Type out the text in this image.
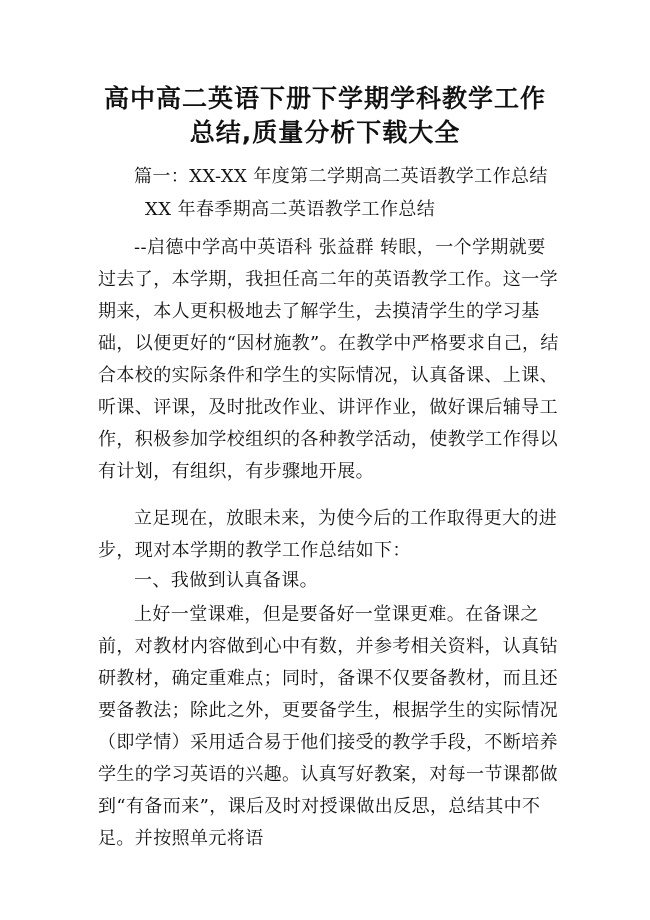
高中高二英语下册下学期学科教学工作
总结,质量分析下载大全
篇一：XX-XX 年度第二学期高二英语教学工作总结
XX 年春季期高二英语教学工作总结
--启德中学高中英语科 张益群 转眼，一个学期就要过去了，本学期，我担任高二年的英语教学工作。这一学期来，本人更积极地去了解学生，去摸清学生的学习基础，以便更好的“因材施教”。在教学中严格要求自己，结合本校的实际条件和学生的实际情况，认真备课、上课、听课、评课，及时批改作业、讲评作业，做好课后辅导工作，积极参加学校组织的各种教学活动，使教学工作得以有计划，有组织，有步骤地开展。
立足现在，放眼未来，为使今后的工作取得更大的进步，现对本学期的教学工作总结如下：
一、我做到认真备课。
上好一堂课难，但是要备好一堂课更难。在备课之前，对教材内容做到心中有数，并参考相关资料，认真钻研教材，确定重难点；同时，备课不仅要备教材，而且还要备教法；除此之外，更要备学生，根据学生的实际情况（即学情）采用适合易于他们接受的教学手段，不断培养学生的学习英语的兴趣。认真写好教案，对每一节课都做到“有备而来”，课后及时对授课做出反思，总结其中不足。并按照单元将语
